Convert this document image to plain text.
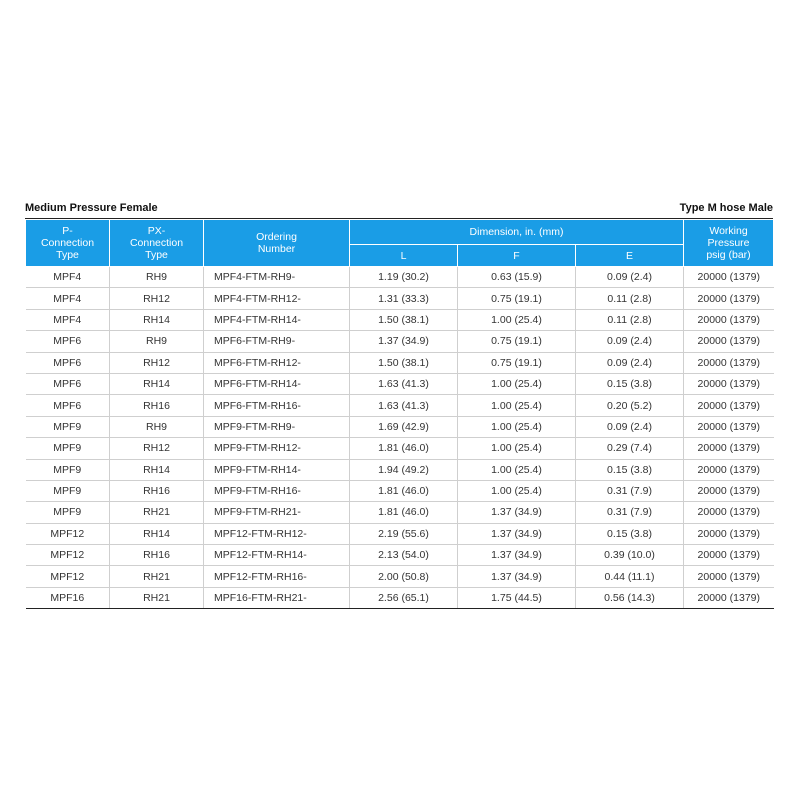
Medium Pressure Female	Type M hose Male
P-
Connection
Type	PX-
Connection
Type	Ordering
Number	Dimension, in. (mm)			Working
Pressure
psig (bar)
			L	F	E	
MPF4	RH9	MPF4-FTM-RH9-	1.19 (30.2)	0.63 (15.9)	0.09 (2.4)	20000 (1379)
MPF4	RH12	MPF4-FTM-RH12-	1.31 (33.3)	0.75 (19.1)	0.11 (2.8)	20000 (1379)
MPF4	RH14	MPF4-FTM-RH14-	1.50 (38.1)	1.00 (25.4)	0.11 (2.8)	20000 (1379)
MPF6	RH9	MPF6-FTM-RH9-	1.37 (34.9)	0.75 (19.1)	0.09 (2.4)	20000 (1379)
MPF6	RH12	MPF6-FTM-RH12-	1.50 (38.1)	0.75 (19.1)	0.09 (2.4)	20000 (1379)
MPF6	RH14	MPF6-FTM-RH14-	1.63 (41.3)	1.00 (25.4)	0.15 (3.8)	20000 (1379)
MPF6	RH16	MPF6-FTM-RH16-	1.63 (41.3)	1.00 (25.4)	0.20 (5.2)	20000 (1379)
MPF9	RH9	MPF9-FTM-RH9-	1.69 (42.9)	1.00 (25.4)	0.09 (2.4)	20000 (1379)
MPF9	RH12	MPF9-FTM-RH12-	1.81 (46.0)	1.00 (25.4)	0.29 (7.4)	20000 (1379)
MPF9	RH14	MPF9-FTM-RH14-	1.94 (49.2)	1.00 (25.4)	0.15 (3.8)	20000 (1379)
MPF9	RH16	MPF9-FTM-RH16-	1.81 (46.0)	1.00 (25.4)	0.31 (7.9)	20000 (1379)
MPF9	RH21	MPF9-FTM-RH21-	1.81 (46.0)	1.37 (34.9)	0.31 (7.9)	20000 (1379)
MPF12	RH14	MPF12-FTM-RH12-	2.19 (55.6)	1.37 (34.9)	0.15 (3.8)	20000 (1379)
MPF12	RH16	MPF12-FTM-RH14-	2.13 (54.0)	1.37 (34.9)	0.39 (10.0)	20000 (1379)
MPF12	RH21	MPF12-FTM-RH16-	2.00 (50.8)	1.37 (34.9)	0.44 (11.1)	20000 (1379)
MPF16	RH21	MPF16-FTM-RH21-	2.56 (65.1)	1.75 (44.5)	0.56 (14.3)	20000 (1379)
